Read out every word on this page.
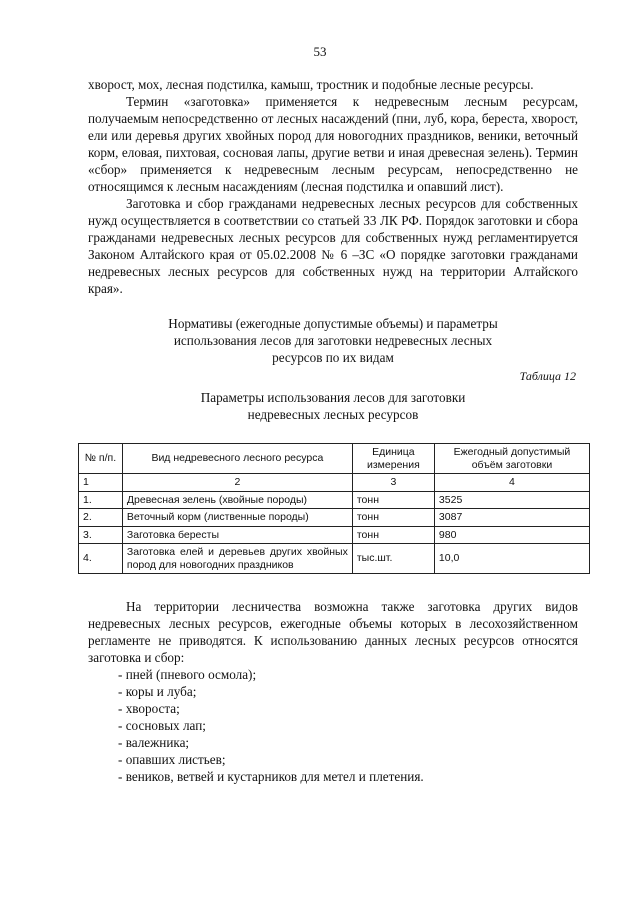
53

хворост, мох, лесная подстилка, камыш, тростник и подобные лесные ресурсы.

Термин «заготовка» применяется к недревесным лесным ресурсам, получаемым непосредственно от лесных насаждений (пни, луб, кора, береста, хворост, ели или деревья других хвойных пород для новогодних праздников, веники, веточный корм, еловая, пихтовая, сосновая лапы, другие ветви и иная древесная зелень). Термин «сбор» применяется к недревесным лесным ресурсам, непосредственно не относящимся к лесным насаждениям (лесная подстилка и опавший лист).

Заготовка и сбор гражданами недревесных лесных ресурсов для собственных нужд осуществляется в соответствии со статьей 33 ЛК РФ. Порядок заготовки и сбора гражданами недревесных лесных ресурсов для собственных нужд регламентируется Законом Алтайского края от 05.02.2008 № 6 –ЗС «О порядке заготовки гражданами недревесных лесных ресурсов для собственных нужд на территории Алтайского края».

Нормативы (ежегодные допустимые объемы) и параметры
использования лесов для заготовки недревесных лесных
ресурсов по их видам
Таблица 12
Параметры использования лесов для заготовки
недревесных лесных ресурсов
№ п/п.	Вид недревесного лесного ресурса	Единица измерения	Ежегодный допустимый объём заготовки
1	2	3	4
1.	Древесная зелень (хвойные породы)	тонн	3525
2.	Веточный корм (лиственные породы)	тонн	3087
3.	Заготовка бересты	тонн	980
4.	Заготовка елей и деревьев других хвойных пород для новогодних праздников	тыс.шт.	10,0

На территории лесничества возможна также заготовка других видов недревесных лесных ресурсов, ежегодные объемы которых в лесохозяйственном регламенте не приводятся. К использованию данных лесных ресурсов относятся заготовка и сбор:

- пней (пневого осмола);
- коры и луба;
- хвороста;
- сосновых лап;
- валежника;
- опавших листьев;
- веников, ветвей и кустарников для метел и плетения.
